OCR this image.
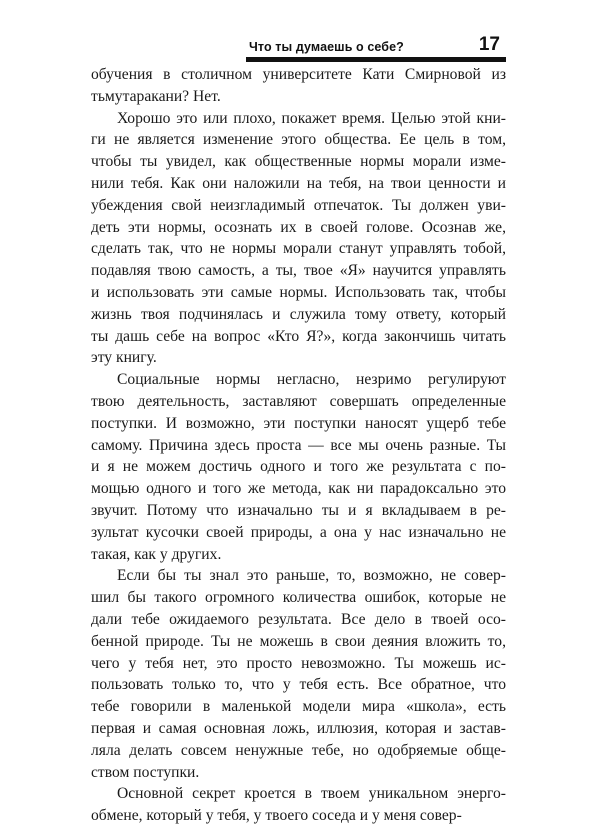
Что ты думаешь о себе?	17
обучения в столичном университете Кати Смирновой из
тьмутаракани? Нет.
Хорошо это или плохо, покажет время. Целью этой кни-
ги не является изменение этого общества. Ее цель в том,
чтобы ты увидел, как общественные нормы морали изме-
нили тебя. Как они наложили на тебя, на твои ценности и
убеждения свой неизгладимый отпечаток. Ты должен уви-
деть эти нормы, осознать их в своей голове. Осознав же,
сделать так, что не нормы морали станут управлять тобой,
подавляя твою самость, а ты, твое «Я» научится управлять
и использовать эти самые нормы. Использовать так, чтобы
жизнь твоя подчинялась и служила тому ответу, который
ты дашь себе на вопрос «Кто Я?», когда закончишь читать
эту книгу.
Социальные нормы негласно, незримо регулируют
твою деятельность, заставляют совершать определенные
поступки. И возможно, эти поступки наносят ущерб тебе
самому. Причина здесь проста — все мы очень разные. Ты
и я не можем достичь одного и того же результата с по-
мощью одного и того же метода, как ни парадоксально это
звучит. Потому что изначально ты и я вкладываем в ре-
зультат кусочки своей природы, а она у нас изначально не
такая, как у других.
Если бы ты знал это раньше, то, возможно, не совер-
шил бы такого огромного количества ошибок, которые не
дали тебе ожидаемого результата. Все дело в твоей осо-
бенной природе. Ты не можешь в свои деяния вложить то,
чего у тебя нет, это просто невозможно. Ты можешь ис-
пользовать только то, что у тебя есть. Все обратное, что
тебе говорили в маленькой модели мира «школа», есть
первая и самая основная ложь, иллюзия, которая и застав-
ляла делать совсем ненужные тебе, но одобряемые обще-
ством поступки.
Основной секрет кроется в твоем уникальном энерго-
обмене, который у тебя, у твоего соседа и у меня совер-
